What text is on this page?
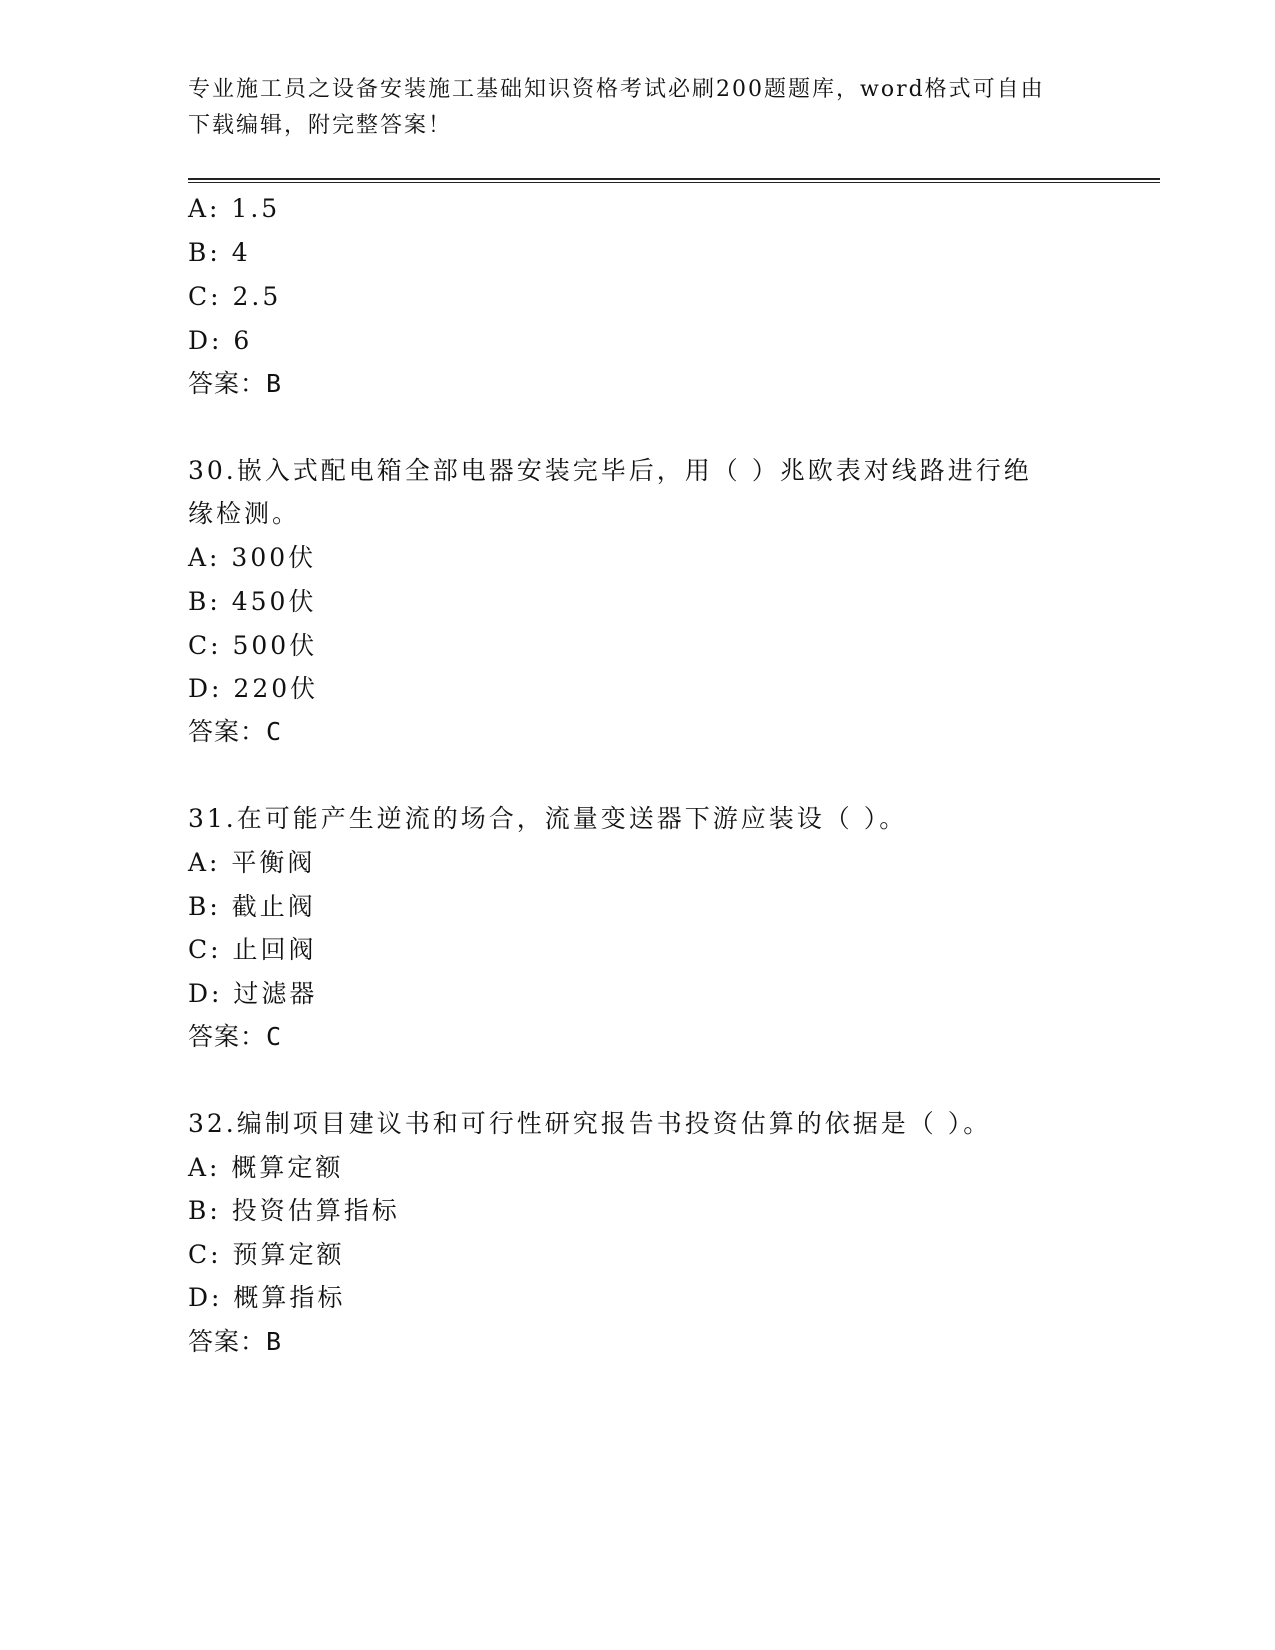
专业施工员之设备安装施工基础知识资格考试必刷200题题库，word格式可自由
下载编辑，附完整答案！
A: 1.5
B: 4
C: 2.5
D: 6
答案：B
30.嵌入式配电箱全部电器安装完毕后，用（ ）兆欧表对线路进行绝
缘检测。
A: 300伏
B: 450伏
C: 500伏
D: 220伏
答案：C
31.在可能产生逆流的场合，流量变送器下游应装设（ ）。
A: 平衡阀
B: 截止阀
C: 止回阀
D: 过滤器
答案：C
32.编制项目建议书和可行性研究报告书投资估算的依据是（ ）。
A: 概算定额
B: 投资估算指标
C: 预算定额
D: 概算指标
答案：B
